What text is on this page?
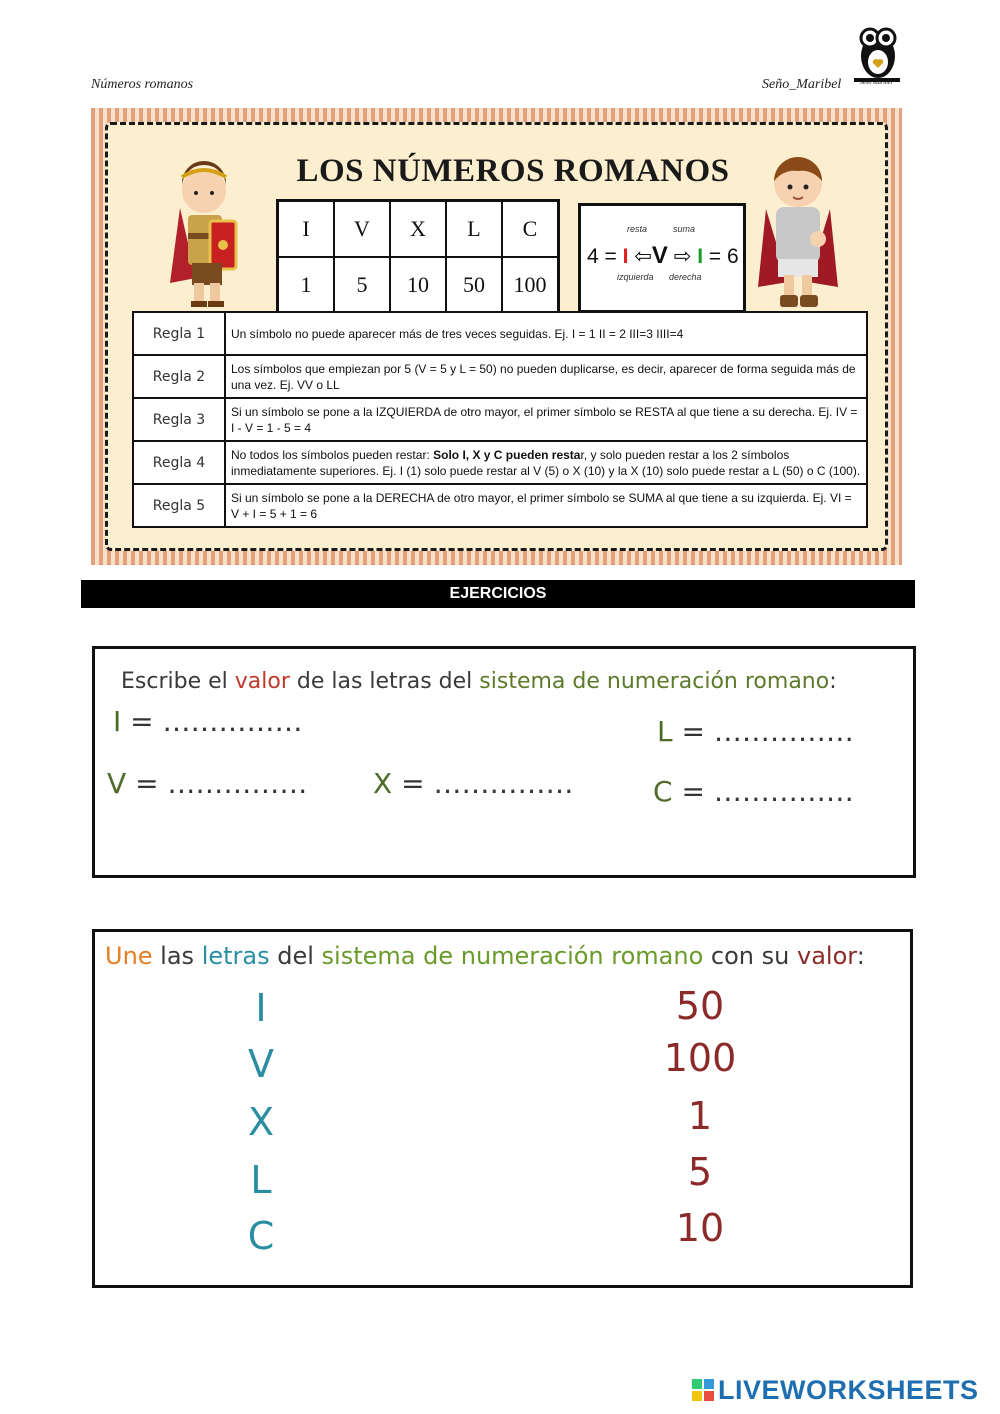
Números romanos	Seño_Maribel	Seño Maribel
LOS NÚMEROS ROMANOS
I	V	X	L	C
1	5	10	50	100
resta	suma
4 = I ⇦V ⇨ I = 6
izquierda derecha
Regla 1	Un símbolo no puede aparecer más de tres veces seguidas. Ej. I = 1 II = 2 III=3 IIII=4
Regla 2	Los símbolos que empiezan por 5 (V = 5 y L = 50) no pueden duplicarse, es decir, aparecer de forma seguida más de una vez. Ej. VV o LL
Regla 3	Si un símbolo se pone a la IZQUIERDA de otro mayor, el primer símbolo se RESTA al que tiene a su derecha. Ej. IV = I - V = 1 - 5 = 4
Regla 4	No todos los símbolos pueden restar: Solo I, X y C pueden restar, y solo pueden restar a los 2 símbolos inmediatamente superiores. Ej. I (1) solo puede restar al V (5) o X (10) y la X (10) solo puede restar a L (50) o C (100).
Regla 5	Si un símbolo se pone a la DERECHA de otro mayor, el primer símbolo se SUMA al que tiene a su izquierda. Ej. VI = V + I = 5 + 1 = 6
EJERCICIOS
Escribe el valor de las letras del sistema de numeración romano:
I = ……………	L = ……………
V = …………… X = ……………	C = ……………
Une las letras del sistema de numeración romano con su valor:
I
V
X
L
C
50
100
1
5
10
LIVEWORKSHEETS
